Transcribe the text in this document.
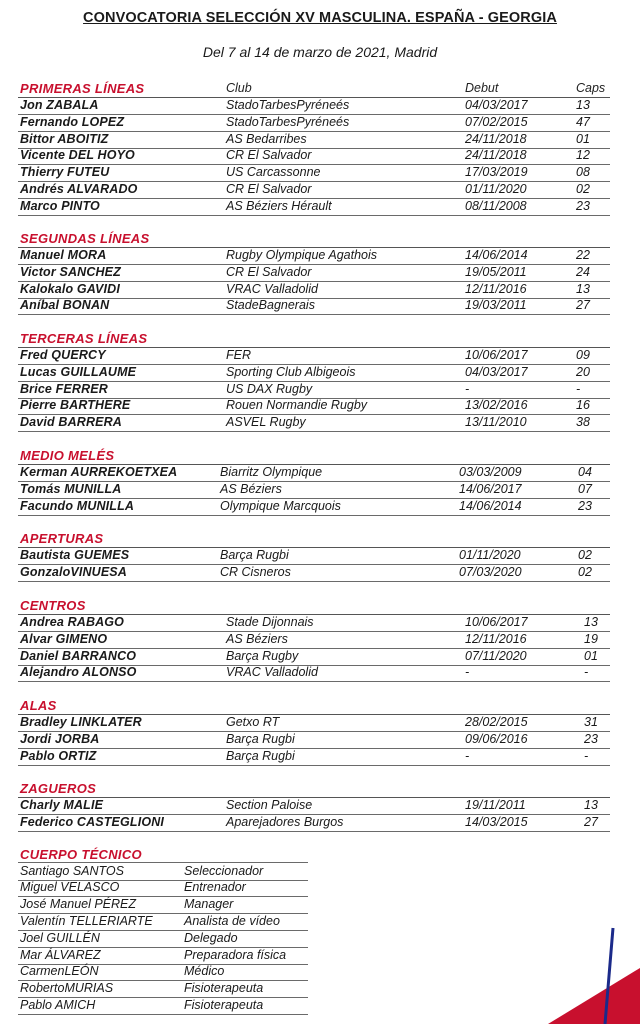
CONVOCATORIA SELECCIÓN XV MASCULINA. ESPAÑA - GEORGIA
Del 7 al 14 de marzo de 2021, Madrid
PRIMERAS LÍNEAS	Club	Debut	Caps
Jon ZABALA	StadoTarbesPyréneés	04/03/2017	13
Fernando LOPEZ	StadoTarbesPyréneés	07/02/2015	47
Bittor ABOITIZ	AS Bedarribes	24/11/2018	01
Vicente DEL HOYO	CR El Salvador	24/11/2018	12
Thierry FUTEU	US Carcassonne	17/03/2019	08
Andrés ALVARADO	CR El Salvador	01/11/2020	02
Marco PINTO	AS Béziers Hérault	08/11/2008	23
SEGUNDAS LÍNEAS
Manuel MORA	Rugby Olympique Agathois	14/06/2014	22
Victor SANCHEZ	CR El Salvador	19/05/2011	24
Kalokalo GAVIDI	VRAC Valladolid	12/11/2016	13
Aníbal BONAN	StadeBagnerais	19/03/2011	27
TERCERAS LÍNEAS
Fred QUERCY	FER	10/06/2017	09
Lucas GUILLAUME	Sporting Club Albigeois	04/03/2017	20
Brice FERRER	US DAX Rugby	-	-
Pierre BARTHERE	Rouen Normandie Rugby	13/02/2016	16
David BARRERA	ASVEL Rugby	13/11/2010	38
MEDIO MELÉS
Kerman AURREKOETXEA	Biarritz Olympique	03/03/2009	04
Tomás MUNILLA	AS Béziers	14/06/2017	07
Facundo MUNILLA	Olympique Marcquois	14/06/2014	23
APERTURAS
Bautista GUEMES	Barça Rugbi	01/11/2020	02
GonzaloVINUESA	CR Cisneros	07/03/2020	02
CENTROS
Andrea RABAGO	Stade Dijonnais	10/06/2017	13
Alvar GIMENO	AS Béziers	12/11/2016	19
Daniel BARRANCO	Barça Rugby	07/11/2020	01
Alejandro ALONSO	VRAC Valladolid	-	-
ALAS
Bradley LINKLATER	Getxo RT	28/02/2015	31
Jordi JORBA	Barça Rugbi	09/06/2016	23
Pablo ORTIZ	Barça Rugbi	-	-
ZAGUEROS
Charly MALIE	Section Paloise	19/11/2011	13
Federico CASTEGLIONI	Aparejadores Burgos	14/03/2015	27
CUERPO TÉCNICO
Santiago SANTOS	Seleccionador
Miguel VELASCO	Entrenador
José Manuel PÉREZ	Manager
Valentín TELLERIARTE	Analista de vídeo
Joel GUILLÉN	Delegado
Mar ÁLVAREZ	Preparadora física
CarmenLEÓN	Médico
RobertoMURIAS	Fisioterapeuta
Pablo AMICH	Fisioterapeuta
